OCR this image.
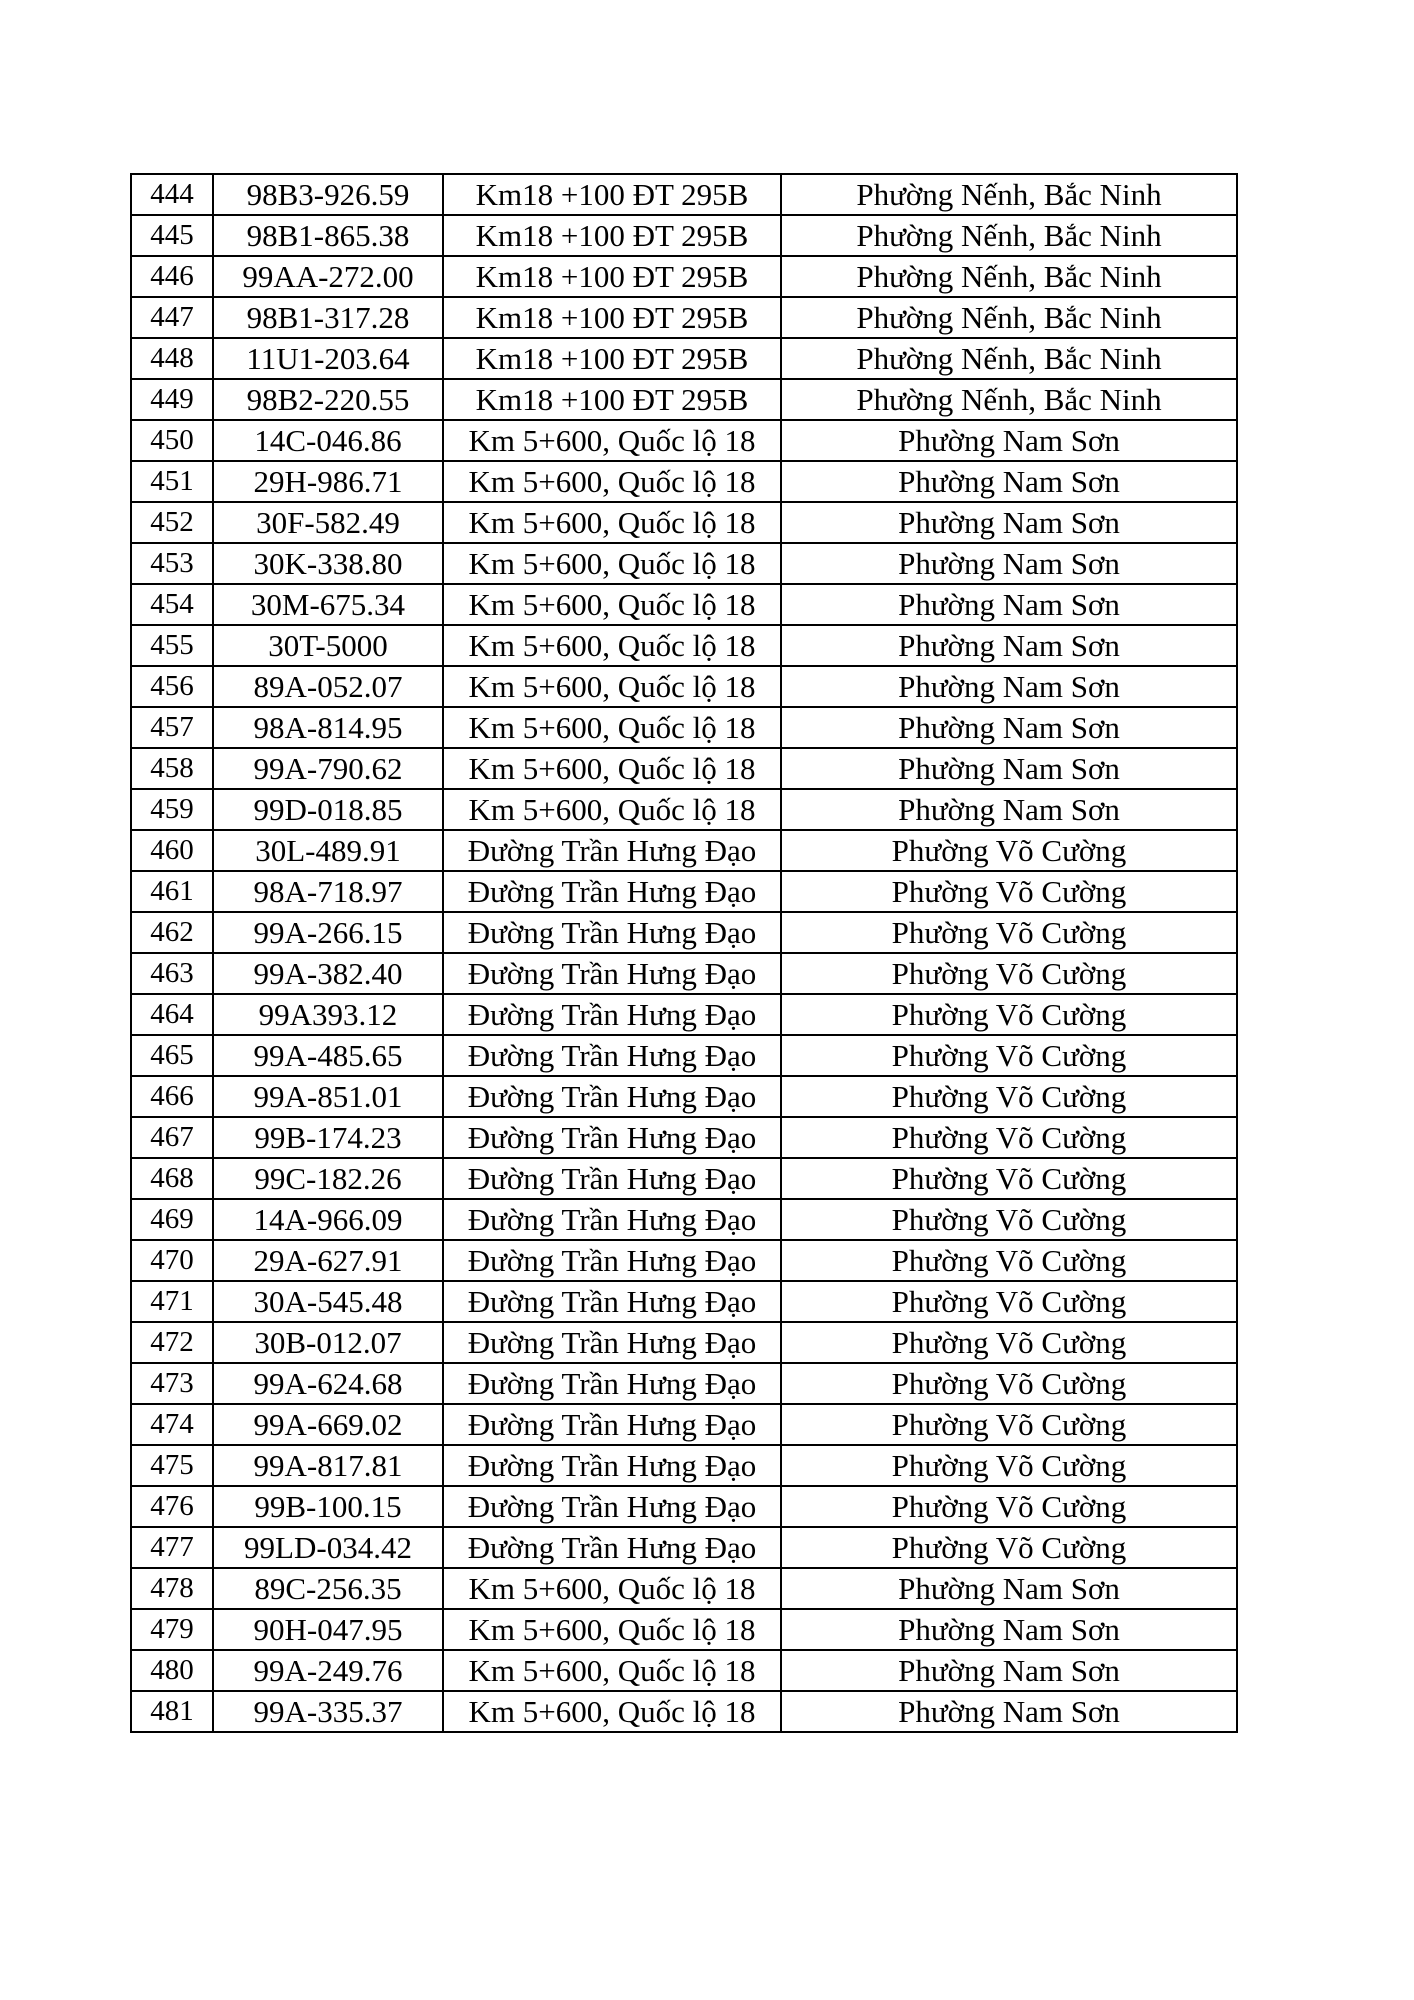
444	98B3-926.59	Km18 +100 ĐT 295B	Phường Nếnh, Bắc Ninh
445	98B1-865.38	Km18 +100 ĐT 295B	Phường Nếnh, Bắc Ninh
446	99AA-272.00	Km18 +100 ĐT 295B	Phường Nếnh, Bắc Ninh
447	98B1-317.28	Km18 +100 ĐT 295B	Phường Nếnh, Bắc Ninh
448	11U1-203.64	Km18 +100 ĐT 295B	Phường Nếnh, Bắc Ninh
449	98B2-220.55	Km18 +100 ĐT 295B	Phường Nếnh, Bắc Ninh
450	14C-046.86	Km 5+600, Quốc lộ 18	Phường Nam Sơn
451	29H-986.71	Km 5+600, Quốc lộ 18	Phường Nam Sơn
452	30F-582.49	Km 5+600, Quốc lộ 18	Phường Nam Sơn
453	30K-338.80	Km 5+600, Quốc lộ 18	Phường Nam Sơn
454	30M-675.34	Km 5+600, Quốc lộ 18	Phường Nam Sơn
455	30T-5000	Km 5+600, Quốc lộ 18	Phường Nam Sơn
456	89A-052.07	Km 5+600, Quốc lộ 18	Phường Nam Sơn
457	98A-814.95	Km 5+600, Quốc lộ 18	Phường Nam Sơn
458	99A-790.62	Km 5+600, Quốc lộ 18	Phường Nam Sơn
459	99D-018.85	Km 5+600, Quốc lộ 18	Phường Nam Sơn
460	30L-489.91	Đường Trần Hưng Đạo	Phường Võ Cường
461	98A-718.97	Đường Trần Hưng Đạo	Phường Võ Cường
462	99A-266.15	Đường Trần Hưng Đạo	Phường Võ Cường
463	99A-382.40	Đường Trần Hưng Đạo	Phường Võ Cường
464	99A393.12	Đường Trần Hưng Đạo	Phường Võ Cường
465	99A-485.65	Đường Trần Hưng Đạo	Phường Võ Cường
466	99A-851.01	Đường Trần Hưng Đạo	Phường Võ Cường
467	99B-174.23	Đường Trần Hưng Đạo	Phường Võ Cường
468	99C-182.26	Đường Trần Hưng Đạo	Phường Võ Cường
469	14A-966.09	Đường Trần Hưng Đạo	Phường Võ Cường
470	29A-627.91	Đường Trần Hưng Đạo	Phường Võ Cường
471	30A-545.48	Đường Trần Hưng Đạo	Phường Võ Cường
472	30B-012.07	Đường Trần Hưng Đạo	Phường Võ Cường
473	99A-624.68	Đường Trần Hưng Đạo	Phường Võ Cường
474	99A-669.02	Đường Trần Hưng Đạo	Phường Võ Cường
475	99A-817.81	Đường Trần Hưng Đạo	Phường Võ Cường
476	99B-100.15	Đường Trần Hưng Đạo	Phường Võ Cường
477	99LD-034.42	Đường Trần Hưng Đạo	Phường Võ Cường
478	89C-256.35	Km 5+600, Quốc lộ 18	Phường Nam Sơn
479	90H-047.95	Km 5+600, Quốc lộ 18	Phường Nam Sơn
480	99A-249.76	Km 5+600, Quốc lộ 18	Phường Nam Sơn
481	99A-335.37	Km 5+600, Quốc lộ 18	Phường Nam Sơn
